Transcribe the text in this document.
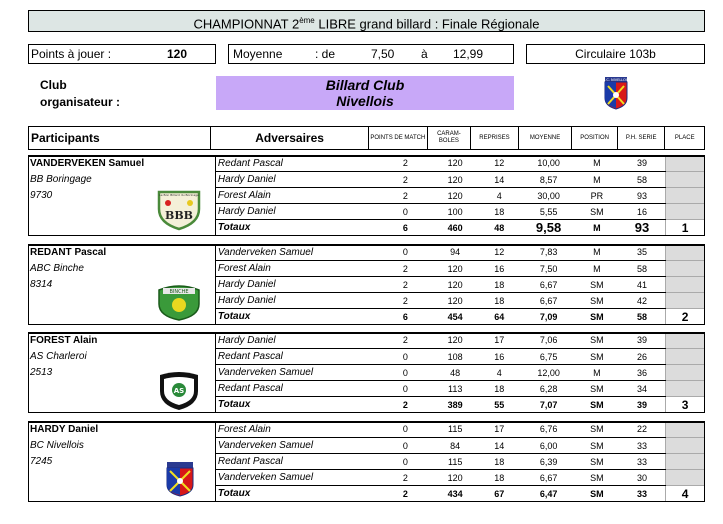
CHAMPIONNAT 2ème LIBRE grand billard : Finale Régionale
Points à jouer :	120	Moyenne	: de	7,50 à 12,99	Circulaire 103b
Club
organisateur :
Billard Club
Nivellois
B.C. NIVELLOIS
Participants	Adversaires	POINTS DE MATCH	CARAM-BOLES	REPRISES	MOYENNE	POSITION	P.H. SERIE	PLACE
VANDERVEKEN Samuel	Redant Pascal	2	120	12	10,00	M	39	
BB Boringage	Hardy Daniel	2	120	14	8,57	M	58	
9730	Forest Alain	2	120	4	30,00	PR	93	
	Hardy Daniel	0	100	18	5,55	SM	16	
	Totaux	6	460	48	9,58	M	93	1
REDANT Pascal	Vanderveken Samuel	0	94	12	7,83	M	35	
ABC Binche	Forest Alain	2	120	16	7,50	M	58	
8314	Hardy Daniel	2	120	18	6,67	SM	41	
	Hardy Daniel	2	120	18	6,67	SM	42	
	Totaux	6	454	64	7,09	SM	58	2
FOREST Alain	Hardy Daniel	2	120	17	7,06	SM	39	
AS Charleroi	Redant Pascal	0	108	16	6,75	SM	26	
2513	Vanderveken Samuel	0	48	4	12,00	M	36	
	Redant Pascal	0	113	18	6,28	SM	34	
	Totaux	2	389	55	7,07	SM	39	3
HARDY Daniel	Forest Alain	0	115	17	6,76	SM	22	
BC Nivellois	Vanderveken Samuel	0	84	14	6,00	SM	33	
7245	Redant Pascal	0	115	18	6,39	SM	33	
	Vanderveken Samuel	2	120	18	6,67	SM	30	
	Totaux	2	434	67	6,47	SM	33	4
Le Bon Billard du Borinage
BBB
BINCHE
AS
